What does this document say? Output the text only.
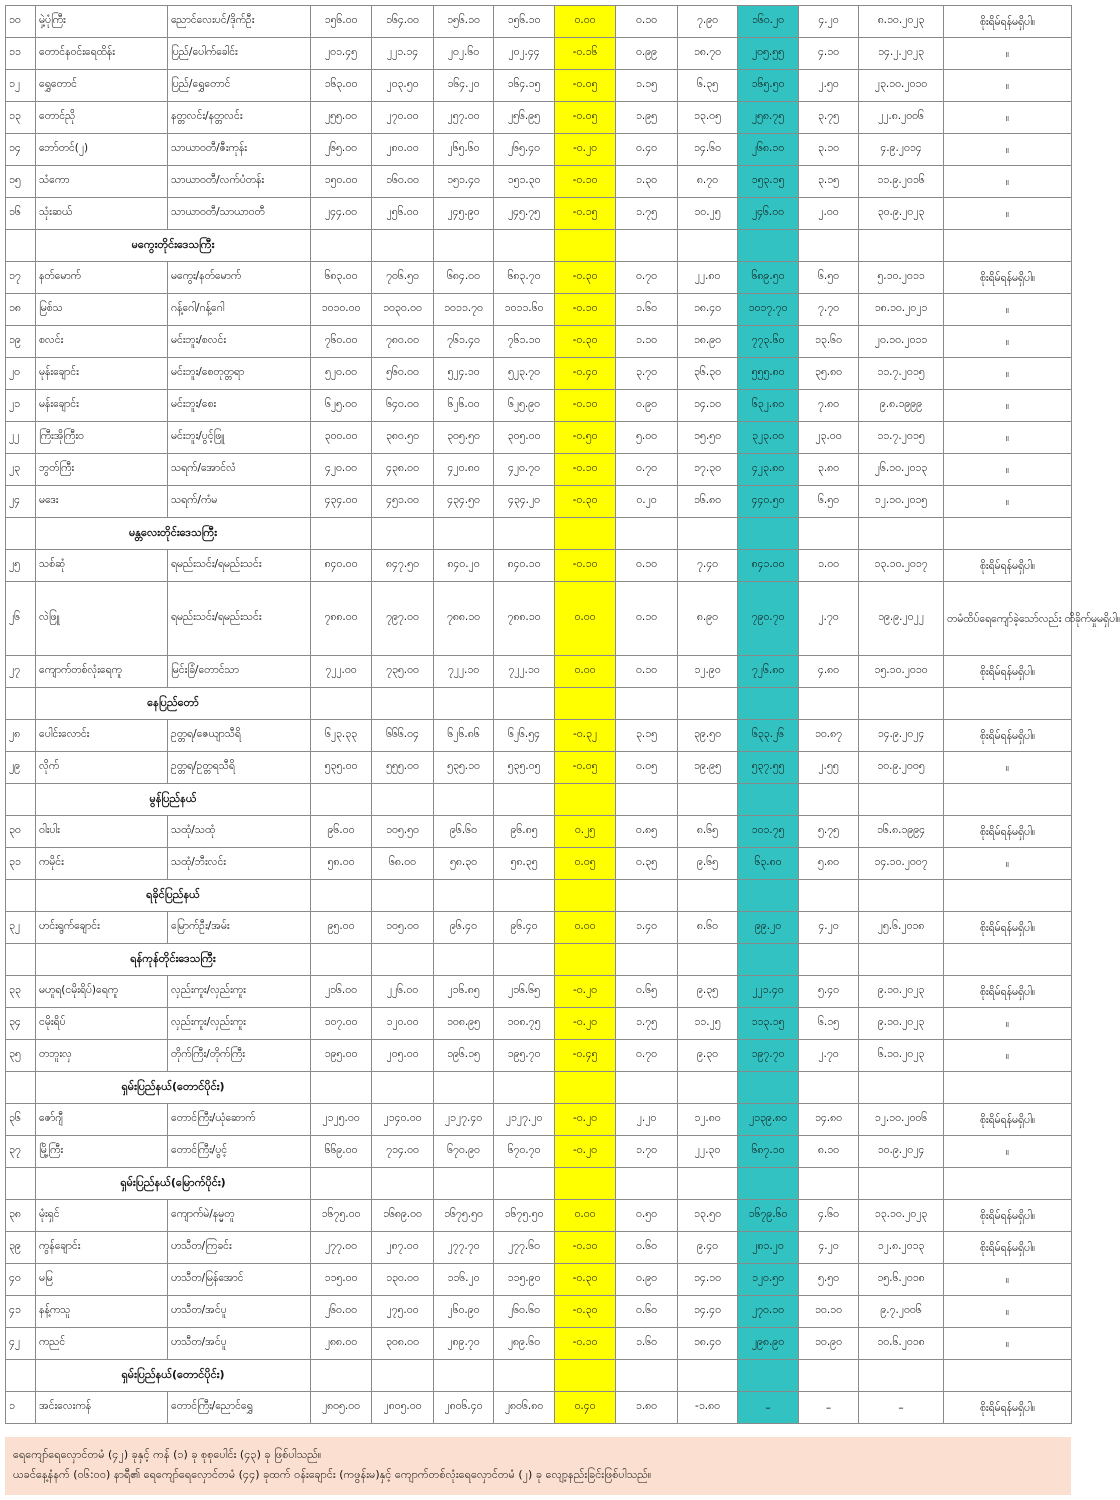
၁၀	မှဲ့ပုံကြီး	ညောင်လေးပင်/ဒိုက်ဦး	၁၅၆.၀၀	၁၆၄.၀၀	၁၅၆.၁၀	၁၅၆.၁၀	၀.၀၀	၀.၁၀	၇.၉၀	၁၆၀.၂၀	၄.၂၀	၈.၁၀.၂၀၂၃	စိုးရိမ်ရန်မရှိပါ။
၁၁	တောင်နဝင်းရေထိန်း	ပြည်/ပေါက်ခေါင်း	၂၀၁.၄၅	၂၂၁.၁၄	၂၀၂.၆၀	၂၀၂.၄၄	-၀.၁၆	၀.၉၉	၁၈.၇၀	၂၀၅.၅၅	၄.၁၀	၁၄.၂.၂၀၂၃	။
၁၂	ရွှေတောင်	ပြည်/ရွှေတောင်	၁၆၃.၀၀	၂၀၃.၅၀	၁၆၄.၂၀	၁၆၄.၁၅	-၀.၀၅	၁.၁၅	၆.၃၅	၁၆၅.၅၀	၂.၅၀	၂၃.၁၀.၂၀၁၀	။
၁၃	တောင်ညို	နတ္တလင်း/နတ္တလင်း	၂၅၅.၀၀	၂၇၀.၀၀	၂၅၇.၀၀	၂၅၆.၉၅	-၀.၀၅	၁.၉၅	၁၃.၀၅	၂၅၈.၇၅	၃.၇၅	၂၂.၈.၂၀၀၆	။
၁၄	ဘော်တင်(၂)	သာယာဝတီ/ဇီးကုန်း	၂၆၅.၀၀	၂၈၀.၀၀	၂၆၅.၆၀	၂၆၅.၄၀	-၀.၂၀	၀.၄၀	၁၄.၆၀	၂၆၈.၁၀	၃.၁၀	၄.၉.၂၀၁၄	။
၁၅	သံကော	သာယာဝတီ/လက်ပံတန်း	၁၅၀.၀၀	၁၆၀.၀၀	၁၅၁.၄၀	၁၅၁.၃၀	-၀.၁၀	၁.၃၀	၈.၇၀	၁၅၃.၁၅	၃.၁၅	၁၁.၉.၂၀၁၆	။
၁၆	သုံးဆယ်	သာယာဝတီ/သာယာဝတီ	၂၄၄.၀၀	၂၅၆.၀၀	၂၄၅.၉၀	၂၄၅.၇၅	-၀.၁၅	၁.၇၅	၁၀.၂၅	၂၄၆.၀၀	၂.၀၀	၃၀.၉.၂၀၂၃	။
	မကွေးတိုင်းဒေသကြီး												
၁၇	နတ်မောက်	မကွေး/နတ်မောက်	၆၈၃.၀၀	၇၀၆.၅၀	၆၈၄.၀၀	၆၈၃.၇၀	-၀.၃၀	၀.၇၀	၂၂.၈၀	၆၈၉.၅၀	၆.၅၀	၅.၁၀.၂၀၁၁	စိုးရိမ်ရန်မရှိပါ။
၁၈	မြစ်သ	ဂန့်ဂေါ/ဂန့်ဂေါ	၁၀၁၀.၀၀	၁၀၃၀.၀၀	၁၀၁၁.၇၀	၁၀၁၁.၆၀	-၀.၁၀	၁.၆၀	၁၈.၄၀	၁၀၁၇.၇၀	၇.၇၀	၁၈.၁၀.၂၀၂၁	။
၁၉	စလင်း	မင်းဘူး/စလင်း	၇၆၀.၀၀	၇၈၀.၀၀	၇၆၁.၄၀	၇၆၁.၁၀	-၀.၃၀	၁.၁၀	၁၈.၉၀	၇၇၃.၆၀	၁၃.၆၀	၂၀.၁၀.၂၀၁၁	။
၂၀	မုန်းချောင်း	မင်းဘူး/စေတုတ္တရာ	၅၂၀.၀၀	၅၆၀.၀၀	၅၂၄.၁၀	၅၂၃.၇၀	-၀.၄၀	၃.၇၀	၃၆.၃၀	၅၅၅.၈၀	၃၅.၈၀	၁၁.၇.၂၀၁၅	။
၂၁	မန်းချောင်း	မင်းဘူး/စေး	၆၂၅.၀၀	၆၄၀.၀၀	၆၂၆.၀၀	၆၂၅.၉၀	-၀.၁၀	၀.၉၀	၁၄.၁၀	၆၃၂.၈၀	၇.၈၀	၉.၈.၁၉၉၉	။
၂၂	ကြီးအိုကြီးဝ	မင်းဘူး/ပွင့်ဖြူ	၃၀၀.၀၀	၃၈၀.၅၀	၃၀၅.၅၀	၃၀၅.၀၀	-၀.၅၀	၅.၀၀	၁၅.၅၀	၃၂၃.၀၀	၂၃.၀၀	၁၁.၇.၂၀၁၅	။
၂၃	ဘွတ်ကြီး	သရက်/အောင်လံ	၄၂၀.၀၀	၄၃၈.၀၀	၄၂၀.၈၀	၄၂၀.၇၀	-၀.၁၀	၀.၇၀	၁၇.၃၀	၄၂၃.၈၀	၃.၈၀	၂၆.၁၀.၂၀၁၃	။
၂၄	မဒေး	သရက်/ကံမ	၄၃၄.၀၀	၄၅၁.၀၀	၄၃၄.၅၀	၄၃၄.၂၀	-၀.၃၀	၀.၂၀	၁၆.၈၀	၄၄၀.၅၀	၆.၅၀	၁၂.၁၀.၂၀၁၅	။
	မန္တလေးတိုင်းဒေသကြီး												
၂၅	သစ်ဆုံ	ရမည်းသင်း/ရမည်းသင်း	၈၄၀.၀၀	၈၄၇.၅၀	၈၄၀.၂၀	၈၄၀.၁၀	-၀.၁၀	၀.၁၀	၇.၄၀	၈၄၁.၀၀	၁.၀၀	၁၃.၁၀.၂၀၁၇	စိုးရိမ်ရန်မရှိပါ။
၂၆	လဲဖြူ	ရမည်းသင်း/ရမည်းသင်း	၇၈၈.၀၀	၇၉၇.၀၀	၇၈၈.၁၀	၇၈၈.၁၀	၀.၀၀	၀.၁၀	၈.၉၀	၇၉၀.၇၀	၂.၇၀	၁၉.၉.၂၀၂၂	တမံထိပ်ရေကျော်ခဲ့သော်လည်း ထိခိုက်မှုမရှိပါ။
၂၇	ကျောက်တစ်လုံးရေကူ	မြင်းခြံ/တောင်သာ	၇၂၂.၀၀	၇၃၅.၀၀	၇၂၂.၁၀	၇၂၂.၁၀	၀.၀၀	၀.၁၀	၁၂.၉၀	၇၂၆.၈၀	၄.၈၀	၁၅.၁၀.၂၀၁၀	စိုးရိမ်ရန်မရှိပါ။
	နေပြည်တော်												
၂၈	ပေါင်းလောင်း	ဥတ္တရ/ဇေယျာသီရိ	၆၂၃.၃၃	၆၆၆.၀၄	၆၂၆.၈၆	၆၂၆.၅၄	-၀.၃၂	၃.၁၅	၃၉.၅၀	၆၃၃.၂၆	၁၀.၈၇	၁၄.၉.၂၀၂၄	စိုးရိမ်ရန်မရှိပါ။
၂၉	လိုက်	ဥတ္တရ/ဥတ္တရသီရိ	၅၃၅.၀၀	၅၅၅.၀၀	၅၃၅.၁၀	၅၃၅.၀၅	-၀.၀၅	၀.၀၅	၁၉.၉၅	၅၃၇.၅၅	၂.၅၅	၁၀.၉.၂၀၀၅	။
	မွန်ပြည်နယ်												
၃၀	ဝါးပါး	သထုံ/သထုံ	၉၆.၀၀	၁၀၅.၅၀	၉၆.၆၀	၉၆.၈၅	၀.၂၅	၀.၈၅	၈.၆၅	၁၀၁.၇၅	၅.၇၅	၁၆.၈.၁၉၉၄	စိုးရိမ်ရန်မရှိပါ။
၃၁	ကမိုင်း	သထုံ/ဘီးလင်း	၅၈.၀၀	၆၈.၀၀	၅၈.၃၀	၅၈.၃၅	၀.၀၅	၀.၃၅	၉.၆၅	၆၃.၈၀	၅.၈၀	၁၄.၁၀.၂၀၀၇	။
	ရခိုင်ပြည်နယ်												
၃၂	ဟင်းရွက်ချောင်း	မြောက်ဦး/အမ်း	၉၅.၀၀	၁၀၅.၀၀	၉၆.၄၀	၉၆.၄၀	၀.၀၀	၁.၄၀	၈.၆၀	၉၉.၂၀	၄.၂၀	၂၅.၆.၂၀၁၈	စိုးရိမ်ရန်မရှိပါ။
	ရန်ကုန်တိုင်းဒေသကြီး												
၃၃	မဟူရ(ငမိုးရိပ်)ရေကူ	လှည်းကူး/လှည်းကူး	၂၁၆.၀၀	၂၂၆.၀၀	၂၁၆.၈၅	၂၁၆.၆၅	-၀.၂၀	၀.၆၅	၉.၃၅	၂၂၁.၄၀	၅.၄၀	၉.၁၀.၂၀၂၃	စိုးရိမ်ရန်မရှိပါ။
၃၄	ငမိုးရိပ်	လှည်းကူး/လှည်းကူး	၁၀၇.၀၀	၁၂၀.၀၀	၁၀၈.၉၅	၁၀၈.၇၅	-၀.၂၀	၁.၇၅	၁၁.၂၅	၁၁၃.၁၅	၆.၁၅	၉.၁၀.၂၀၂၃	။
၃၅	တဘူးလှ	တိုက်ကြီး/တိုက်ကြီး	၁၉၅.၀၀	၂၀၅.၀၀	၁၉၆.၁၅	၁၉၅.၇၀	-၀.၄၅	၀.၇၀	၉.၃၀	၁၉၇.၇၀	၂.၇၀	၆.၁၀.၂၀၂၃	။
	ရှမ်းပြည်နယ်(တောင်ပိုင်း)												
၃၆	ဇော်ဂျီ	တောင်ကြီး/ယုံဆောက်	၂၁၂၅.၀၀	၂၁၄၀.၀၀	၂၁၂၇.၄၀	၂၁၂၇.၂၀	-၀.၂၀	၂.၂၀	၁၂.၈၀	၂၁၃၉.၈၀	၁၄.၈၀	၁၂.၁၀.၂၀၀၆	စိုးရိမ်ရန်မရှိပါ။
၃၇	မြို့ကြီး	တောင်ကြီး/ပွင့်	၆၆၉.၀၀	၇၁၄.၀၀	၆၇၀.၉၀	၆၇၀.၇၀	-၀.၂၀	၁.၇၀	၂၂.၃၀	၆၈၇.၁၀	၈.၁၀	၁၀.၉.၂၀၂၄	။
	ရှမ်းပြည်နယ်(မြောက်ပိုင်း)												
၃၈	မုံးရှင်	ကျောက်မဲ/နမ္မတူ	၁၆၇၅.၀၀	၁၆၈၉.၀၀	၁၆၇၅.၅၀	၁၆၇၅.၅၀	၀.၀၀	၀.၅၀	၁၃.၅၀	၁၆၇၉.၆၀	၄.၆၀	၁၃.၁၀.၂၀၂၃	စိုးရိမ်ရန်မရှိပါ။
၃၉	ကွန်ချောင်း	ဟသီတ/ကြခင်း	၂၇၇.၀၀	၂၈၇.၀၀	၂၇၇.၇၀	၂၇၇.၆၀	-၀.၁၀	၀.၆၀	၉.၄၀	၂၈၁.၂၀	၄.၂၀	၁၂.၈.၂၀၁၃	စိုးရိမ်ရန်မရှိပါ။
၄၀	မမြ	ဟသီတ/မြန်အောင်	၁၁၅.၀၀	၁၃၀.၀၀	၁၁၆.၂၀	၁၁၅.၉၀	-၀.၃၀	၀.၉၀	၁၄.၁၀	၁၂၀.၅၀	၅.၅၀	၁၅.၆.၂၀၁၈	။
၄၁	နန့်ကသူ	ဟသီတ/အင်ပူ	၂၆၀.၀၀	၂၇၅.၀၀	၂၆၀.၉၀	၂၆၀.၆၀	-၀.၃၀	၀.၆၀	၁၄.၄၀	၂၇၀.၁၀	၁၀.၁၀	၉.၇.၂၀၀၆	။
၄၂	ကညင်	ဟသီတ/အင်ပူ	၂၈၈.၀၀	၃၀၈.၀၀	၂၈၉.၇၀	၂၈၉.၆၀	-၀.၁၀	၁.၆၀	၁၈.၄၀	၂၉၈.၉၀	၁၀.၉၀	၁၀.၆.၂၀၁၈	။
	ရှမ်းပြည်နယ်(တောင်ပိုင်း)												
၁	အင်းလေးကန်	တောင်ကြီး/ညောင်ရွှေ	၂၈၀၅.၀၀	၂၈၀၅.၀၀	၂၈၀၆.၄၀	၂၈၀၆.၈၀	၀.၄၀	၁.၈၀	-၁.၈၀	–	–	–	စိုးရိမ်ရန်မရှိပါ။
ရေကျော်ရေလှောင်တမံ (၄၂) ခုနှင့် ကန် (၁) ခု စုစုပေါင်း (၄၃) ခု ဖြစ်ပါသည်။
ယခင်နေ့နံနက် (၀၆:၀၀) နာရီ၏ ရေကျော်ရေလှောင်တမံ (၄၄) ခုထက် ဝန်းချောင်း (ကဖွန်းမ)နှင့် ကျောက်တစ်လုံးရေလှောင်တမံ (၂) ခု လျော့နည်းခြင်းဖြစ်ပါသည်။
